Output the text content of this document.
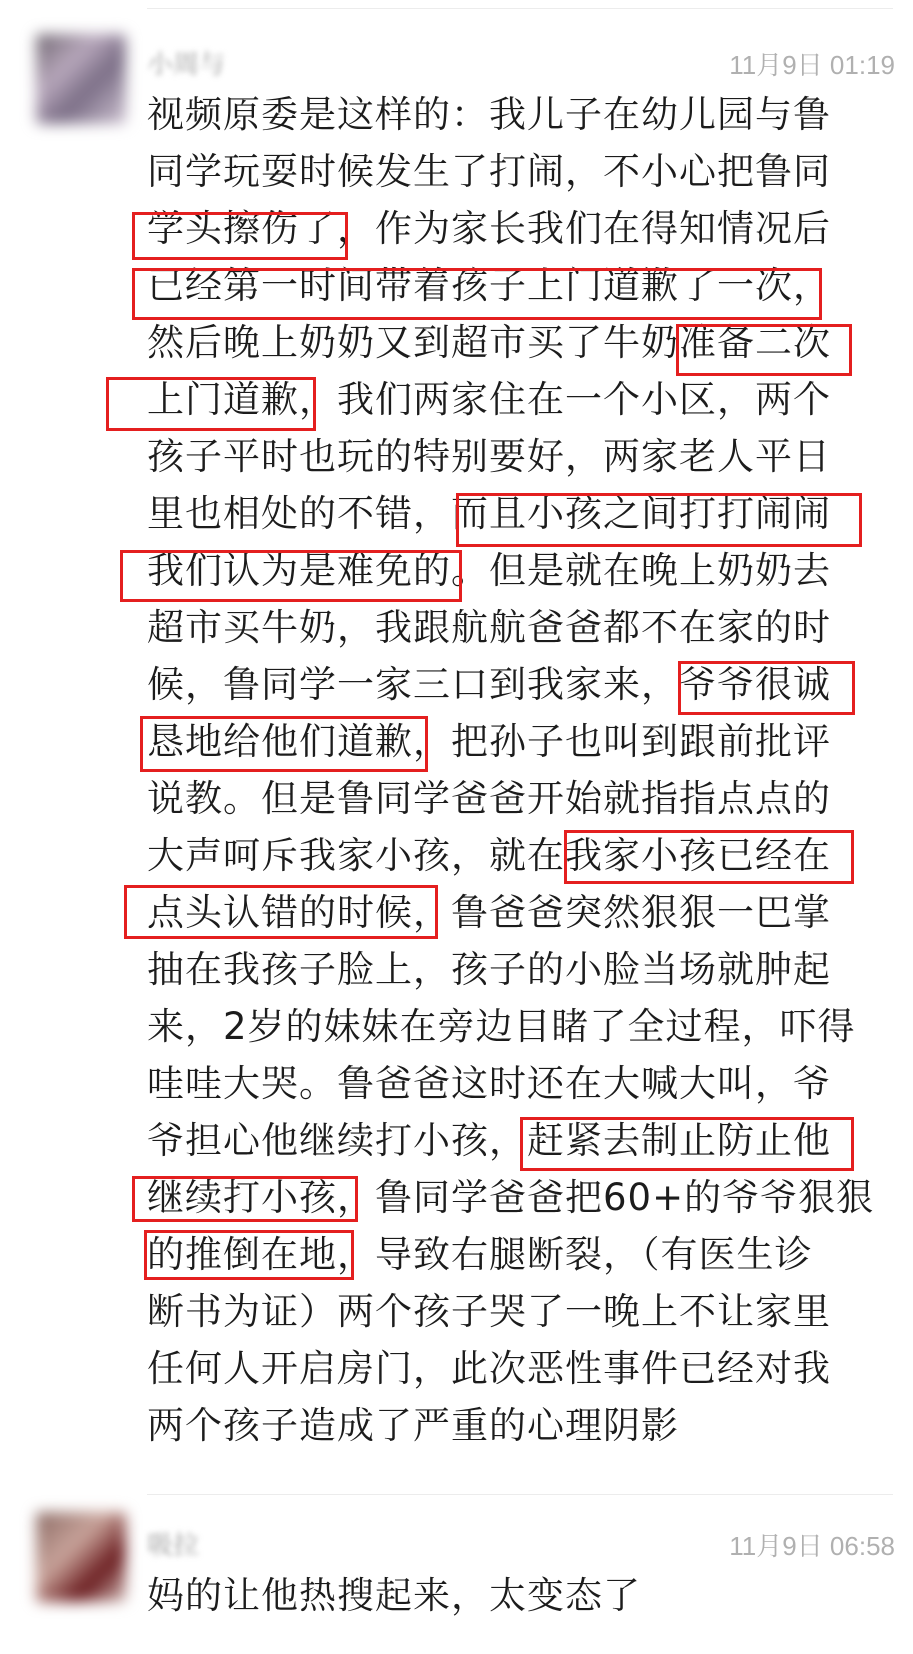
小周与	11月9日 01:19
视频原委是这样的：我儿子在幼儿园与鲁
同学玩耍时候发生了打闹，不小心把鲁同
学头擦伤了，作为家长我们在得知情况后
已经第一时间带着孩子上门道歉了一次，
然后晚上奶奶又到超市买了牛奶准备二次
上门道歉，我们两家住在一个小区，两个
孩子平时也玩的特别要好，两家老人平日
里也相处的不错，而且小孩之间打打闹闹
我们认为是难免的。但是就在晚上奶奶去
超市买牛奶，我跟航航爸爸都不在家的时
候，鲁同学一家三口到我家来，爷爷很诚
恳地给他们道歉，把孙子也叫到跟前批评
说教。但是鲁同学爸爸开始就指指点点的
大声呵斥我家小孩，就在我家小孩已经在
点头认错的时候，鲁爸爸突然狠狠一巴掌
抽在我孩子脸上，孩子的小脸当场就肿起
来，2岁的妹妹在旁边目睹了全过程，吓得
哇哇大哭。鲁爸爸这时还在大喊大叫，爷
爷担心他继续打小孩，赶紧去制止防止他
继续打小孩，鲁同学爸爸把60+的爷爷狠狠
的推倒在地，导致右腿断裂，（有医生诊
断书为证）两个孩子哭了一晚上不让家里
任何人开启房门，此次恶性事件已经对我
两个孩子造成了严重的心理阴影
吸拉	11月9日 06:58
妈的让他热搜起来，太变态了
